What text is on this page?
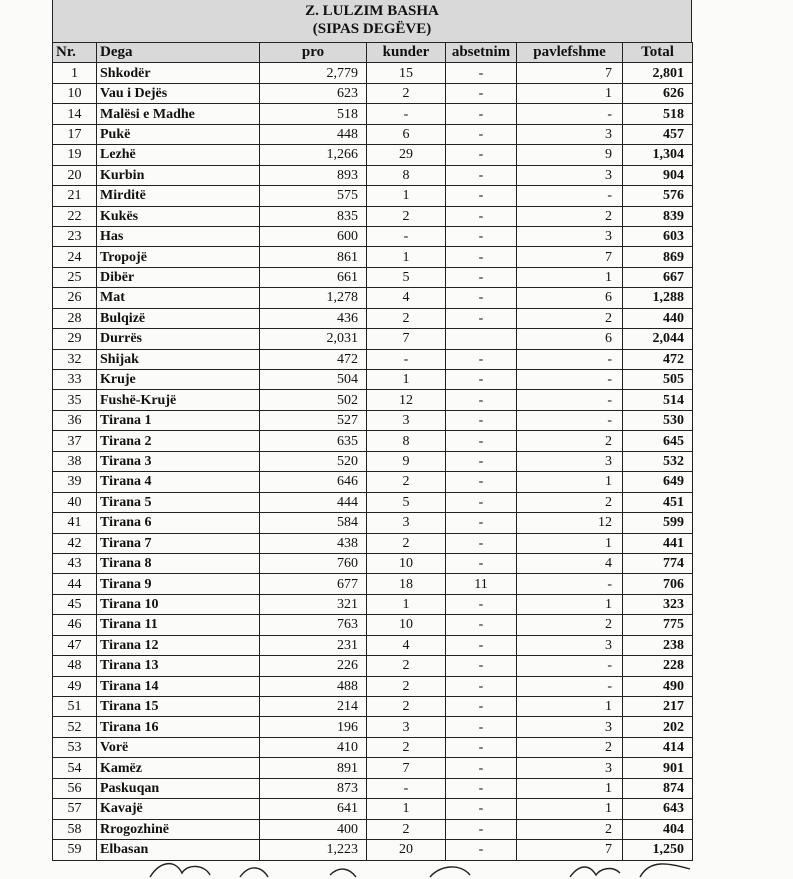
Z. LULZIM BASHA
(SIPAS DEGËVE)
Nr.	Dega	pro	kunder	absetnim	pavlefshme	Total
1	Shkodër	2,779	15	-	7	2,801
10	Vau i Dejës	623	2	-	1	626
14	Malësi e Madhe	518	-	-	-	518
17	Pukë	448	6	-	3	457
19	Lezhë	1,266	29	-	9	1,304
20	Kurbin	893	8	-	3	904
21	Mirditë	575	1	-	-	576
22	Kukës	835	2	-	2	839
23	Has	600	-	-	3	603
24	Tropojë	861	1	-	7	869
25	Dibër	661	5	-	1	667
26	Mat	1,278	4	-	6	1,288
28	Bulqizë	436	2	-	2	440
29	Durrës	2,031	7		6	2,044
32	Shijak	472	-	-	-	472
33	Kruje	504	1	-	-	505
35	Fushë-Krujë	502	12	-	-	514
36	Tirana 1	527	3	-	-	530
37	Tirana 2	635	8	-	2	645
38	Tirana 3	520	9	-	3	532
39	Tirana 4	646	2	-	1	649
40	Tirana 5	444	5	-	2	451
41	Tirana 6	584	3	-	12	599
42	Tirana 7	438	2	-	1	441
43	Tirana 8	760	10	-	4	774
44	Tirana 9	677	18	11	-	706
45	Tirana 10	321	1	-	1	323
46	Tirana 11	763	10	-	2	775
47	Tirana 12	231	4	-	3	238
48	Tirana 13	226	2	-	-	228
49	Tirana 14	488	2	-	-	490
51	Tirana 15	214	2	-	1	217
52	Tirana 16	196	3	-	3	202
53	Vorë	410	2	-	2	414
54	Kamëz	891	7	-	3	901
56	Paskuqan	873	-	-	1	874
57	Kavajë	641	1	-	1	643
58	Rrogozhinë	400	2	-	2	404
59	Elbasan	1,223	20	-	7	1,250
